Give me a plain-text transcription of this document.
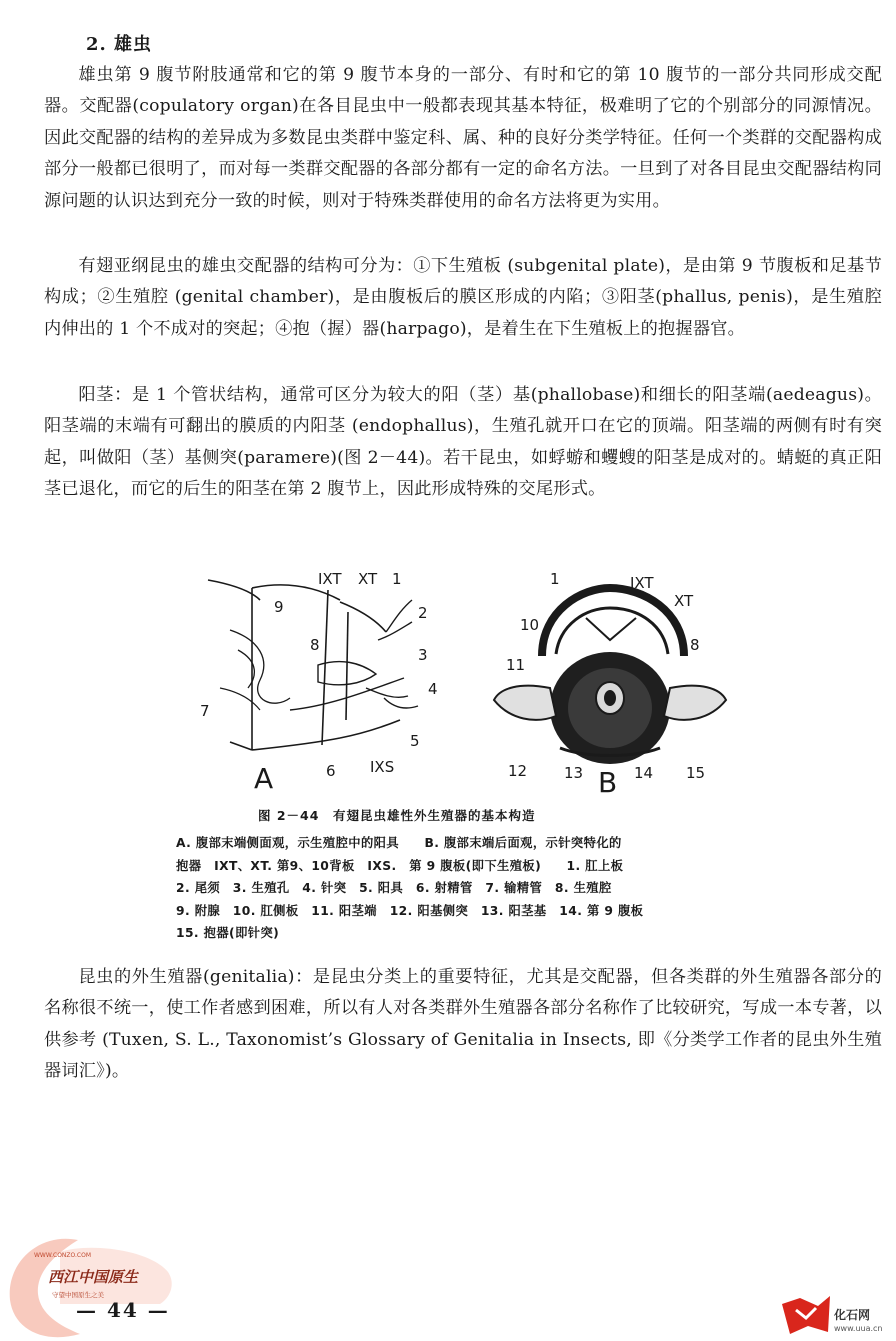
2. 雄虫

雄虫第 9 腹节附肢通常和它的第 9 腹节本身的一部分、有时和它的第 10 腹节的一部分共同形成交配器。交配器(copulatory organ)在各目昆虫中一般都表现其基本特征，极难明了它的个别部分的同源情况。因此交配器的结构的差异成为多数昆虫类群中鉴定科、属、种的良好分类学特征。任何一个类群的交配器构成部分一般都已很明了，而对每一类群交配器的各部分都有一定的命名方法。一旦到了对各目昆虫交配器结构同源问题的认识达到充分一致的时候，则对于特殊类群使用的命名方法将更为实用。

有翅亚纲昆虫的雄虫交配器的结构可分为：①下生殖板 (subgenital plate)，是由第 9 节腹板和足基节构成；②生殖腔 (genital chamber)，是由腹板后的膜区形成的内陷；③阳茎(phallus, penis)，是生殖腔内伸出的 1 个不成对的突起；④抱（握）器(harpago)，是着生在下生殖板上的抱握器官。

阳茎：是 1 个管状结构，通常可区分为较大的阳（茎）基(phallobase)和细长的阳茎端(aedeagus)。阳茎端的末端有可翻出的膜质的内阳茎 (endophallus)，生殖孔就开口在它的顶端。阳茎端的两侧有时有突起，叫做阳（茎）基侧突(paramere)(图 2－44)。若干昆虫，如蜉蝣和蠼螋的阳茎是成对的。蜻蜓的真正阳茎已退化，而它的后生的阳茎在第 2 腹节上，因此形成特殊的交尾形式。

IXT XT 1
2
9
8
3
4
7
5
6 IXS
A
1	IXT
XT
10
8
11
12 13	14 15
B
图 2－44　有翅昆虫雄性外生殖器的基本构造
A. 腹部末端侧面观，示生殖腔中的阳具　　B. 腹部末端后面观，示针突特化的
抱器　IXT、XT. 第9、10背板　IXS.　第 9 腹板(即下生殖板)　　1. 肛上板
2. 尾须　3. 生殖孔　4. 针突　5. 阳具　6. 射精管　7. 输精管　8. 生殖腔
9. 附腺　10. 肛侧板　11. 阳茎端　12. 阳基侧突　13. 阳茎基　14. 第 9 腹板
15. 抱器(即针突)

昆虫的外生殖器(genitalia)：是昆虫分类上的重要特征，尤其是交配器，但各类群的外生殖器各部分的名称很不统一，使工作者感到困难，所以有人对各类群外生殖器各部分名称作了比较研究，写成一本专著，以供参考 (Tuxen, S. L., Taxonomist’s Glossary of Genitalia in Insects, 即《分类学工作者的昆虫外生殖器词汇》)。

WWW.CONZO.COM
西江中国原生
守望中国原生之美
— 44 —	化石网
www.uua.cn
